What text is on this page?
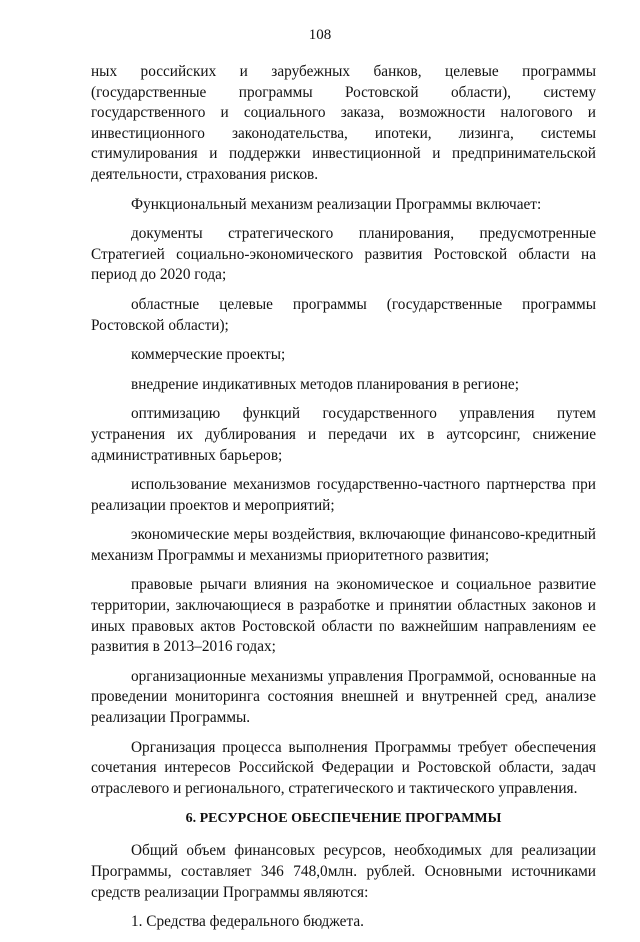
108

ных российских и зарубежных банков, целевые программы (государственные программы Ростовской области), систему государственного и социального заказа, возможности налогового и инвестиционного законодательства, ипотеки, лизинга, системы стимулирования и поддержки инвестиционной и предпринимательской деятельности, страхования рисков.

Функциональный механизм реализации Программы включает:

документы стратегического планирования, предусмотренные Стратегией социально-экономического развития Ростовской области на период до 2020 года;

областные целевые программы (государственные программы Ростовской области);

коммерческие проекты;

внедрение индикативных методов планирования в регионе;

оптимизацию функций государственного управления путем устранения их дублирования и передачи их в аутсорсинг, снижение административных барьеров;

использование механизмов государственно-частного партнерства при реализации проектов и мероприятий;

экономические меры воздействия, включающие финансово-кредитный механизм Программы и механизмы приоритетного развития;

правовые рычаги влияния на экономическое и социальное развитие территории, заключающиеся в разработке и принятии областных законов и иных правовых актов Ростовской области по важнейшим направлениям ее развития в 2013–2016 годах;

организационные механизмы управления Программой, основанные на проведении мониторинга состояния внешней и внутренней сред, анализе реализации Программы.

Организация процесса выполнения Программы требует обеспечения сочетания интересов Российской Федерации и Ростовской области, задач отраслевого и регионального, стратегического и тактического управления.

6. РЕСУРСНОЕ ОБЕСПЕЧЕНИЕ ПРОГРАММЫ

Общий объем финансовых ресурсов, необходимых для реализации Программы, составляет 346 748,0млн. рублей. Основными источниками средств реализации Программы являются:

1. Средства федерального бюджета.
